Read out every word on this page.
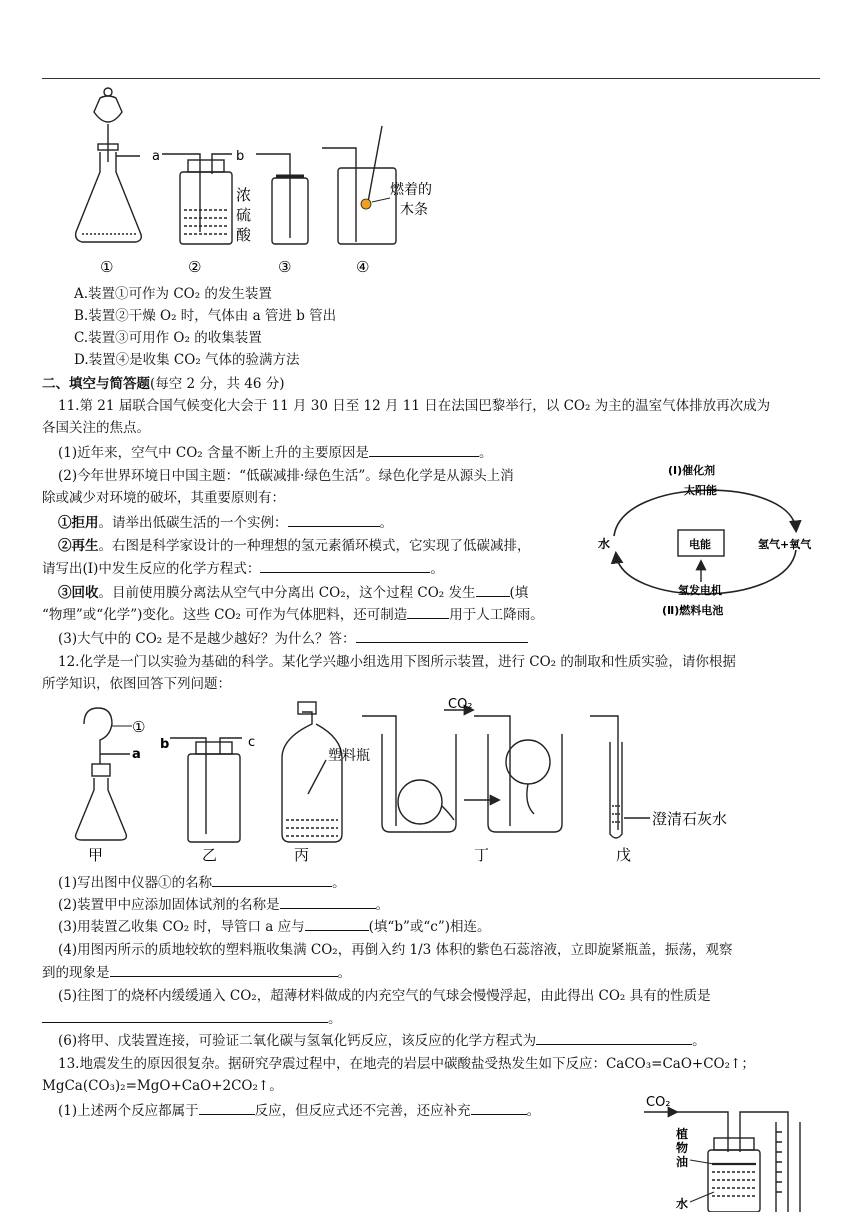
a	b
浓
硫
酸
燃着的
木条
①	②	③	④
A.装置①可作为 CO₂ 的发生装置
B.装置②干燥 O₂ 时，气体由 a 管进 b 管出
C.装置③可用作 O₂ 的收集装置
D.装置④是收集 CO₂ 气体的验满方法
二、填空与简答题(每空 2 分，共 46 分)
11.第 21 届联合国气候变化大会于 11 月 30 日至 12 月 11 日在法国巴黎举行，以 CO₂ 为主的温室气体排放再次成为
各国关注的焦点。
(1)近年来，空气中 CO₂ 含量不断上升的主要原因是	。
(2)今年世界环境日中国主题：“低碳减排·绿色生活”。绿色化学是从源头上消
除或减少对环境的破坏，其重要原则有：
①拒用。请举出低碳生活的一个实例：	。
②再生。右图是科学家设计的一种理想的氢元素循环模式，它实现了低碳减排，
请写出(Ⅰ)中发生反应的化学方程式：	。
③回收。目前使用膜分离法从空气中分离出 CO₂，这个过程 CO₂ 发生	(填
“物理”或“化学”)变化。这些 CO₂ 可作为气体肥料，还可制造	用于人工降雨。
(3)大气中的 CO₂ 是不是越少越好？为什么？答：
(Ⅰ)催化剂
太阳能
水	电能	氢气+氧气
氢发电机
(Ⅱ)燃料电池
12.化学是一门以实验为基础的科学。某化学兴趣小组选用下图所示装置，进行 CO₂ 的制取和性质实验，请你根据
所学知识，依图回答下列问题：
①
a
b	c
塑料瓶
CO₂
澄清石灰水
甲	乙	丙	丁	戊
(1)写出图中仪器①的名称	。
(2)装置甲中应添加固体试剂的名称是	。
(3)用装置乙收集 CO₂ 时，导管口 a 应与	(填“b”或“c”)相连。
(4)用图丙所示的质地较软的塑料瓶收集满 CO₂，再倒入约 1/3 体积的紫色石蕊溶液，立即旋紧瓶盖，振荡，观察
到的现象是	。
(5)往图丁的烧杯内缓缓通入 CO₂，超薄材料做成的内充空气的气球会慢慢浮起，由此得出 CO₂ 具有的性质是
。
(6)将甲、戊装置连接，可验证二氧化碳与氢氧化钙反应，该反应的化学方程式为	。
13.地震发生的原因很复杂。据研究孕震过程中，在地壳的岩层中碳酸盐受热发生如下反应：CaCO₃=CaO+CO₂↑；
MgCa(CO₃)₂=MgO+CaO+2CO₂↑。
(1)上述两个反应都属于	反应，但反应式还不完善，还应补充	。
CO₂
植
物
油
水
